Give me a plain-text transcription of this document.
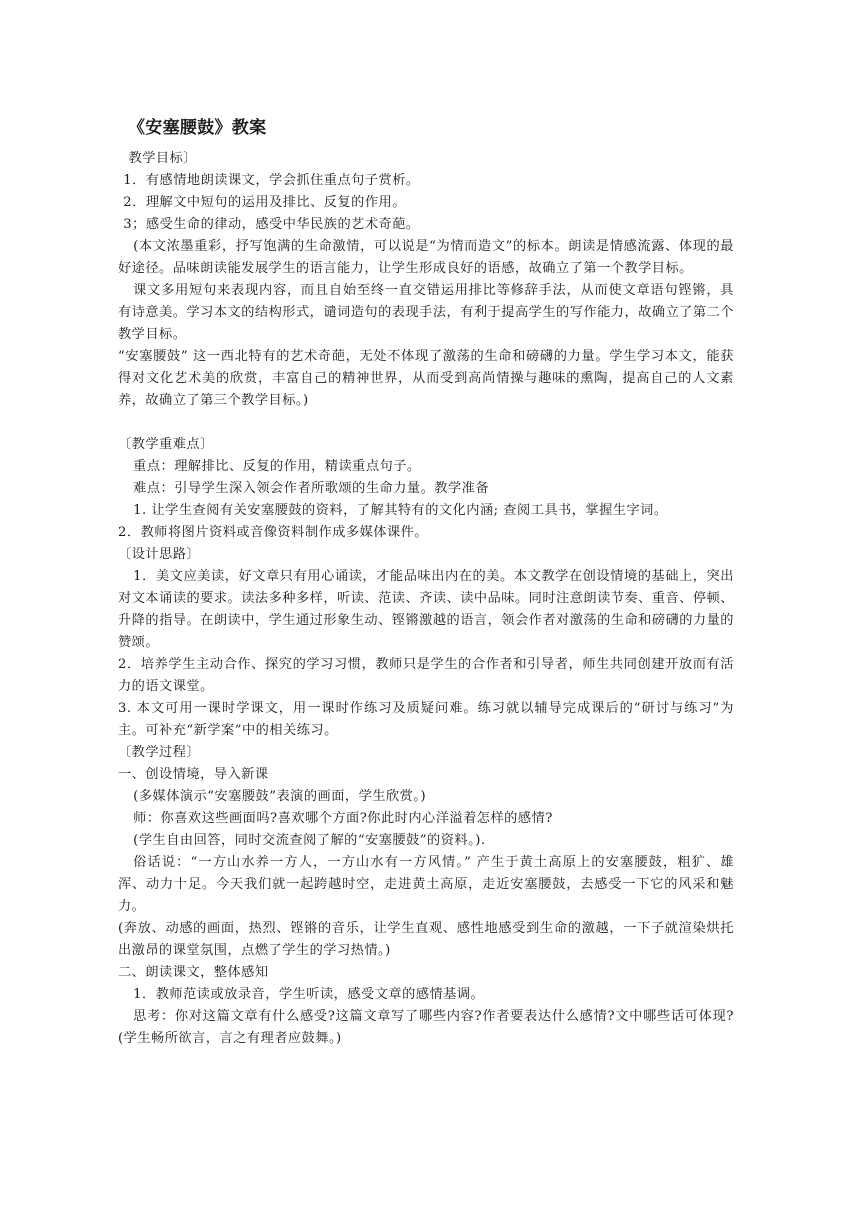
《安塞腰鼓》教案

教学目标〕

1．有感情地朗读课文，学会抓住重点句子赏析。

2．理解文中短句的运用及排比、反复的作用。

3；感受生命的律动，感受中华民族的艺术奇葩。

(本文浓墨重彩，抒写饱满的生命激情，可以说是“为情而造文”的标本。朗读是情感流露、体现的最好途径。品味朗读能发展学生的语言能力，让学生形成良好的语感，故确立了第一个教学目标。

课文多用短句来表现内容，而且自始至终一直交错运用排比等修辞手法，从而使文章语句铿锵，具有诗意美。学习本文的结构形式，谴词造句的表现手法，有利于提高学生的写作能力，故确立了第二个教学目标。

“安塞腰鼓” 这一西北特有的艺术奇葩，无处不体现了激荡的生命和磅礴的力量。学生学习本文，能获得对文化艺术美的欣赏，丰富自己的精神世界，从而受到高尚情操与趣味的熏陶，提高自己的人文素养，故确立了第三个教学目标。)

〔教学重难点〕

重点：理解排比、反复的作用，精读重点句子。

难点：引导学生深入领会作者所歌颂的生命力量。教学准备

1. 让学生查阅有关安塞腰鼓的资料，了解其特有的文化内涵; 查阅工具书，掌握生字词。

2．教师将图片资料或音像资料制作成多媒体课件。

〔设计思路〕

1．美文应美读，好文章只有用心诵读，才能品味出内在的美。本文教学在创设情境的基础上，突出对文本诵读的要求。读法多种多样，听读、范读、齐读、读中品味。同时注意朗读节奏、重音、停顿、升降的指导。在朗读中，学生通过形象生动、铿锵激越的语言，领会作者对激荡的生命和磅礴的力量的赞颂。

2．培养学生主动合作、探究的学习习惯，教师只是学生的合作者和引导者，师生共同创建开放而有活力的语文课堂。

3. 本文可用一课时学课文，用一课时作练习及质疑问难。练习就以辅导完成课后的“研讨与练习”为主。可补充“新学案”中的相关练习。

〔教学过程〕

一、创设情境，导入新课

(多媒体演示“安塞腰鼓”表演的画面，学生欣赏。)

师：你喜欢这些画面吗?喜欢哪个方面?你此时内心洋溢着怎样的感情?

(学生自由回答，同时交流查阅了解的“安塞腰鼓”的资料。).

俗话说：“一方山水养一方人，一方山水有一方风情。” 产生于黄土高原上的安塞腰鼓，粗犷、雄浑、动力十足。今天我们就一起跨越时空，走进黄土高原，走近安塞腰鼓，去感受一下它的风采和魅力。

(奔放、动感的画面，热烈、铿锵的音乐，让学生直观、感性地感受到生命的激越，一下子就渲染烘托出激昂的课堂氛围，点燃了学生的学习热情。)

二、朗读课文，整体感知

1．教师范读或放录音，学生听读，感受文章的感情基调。

思考：你对这篇文章有什么感受?这篇文章写了哪些内容?作者要表达什么感情?文中哪些话可体现?(学生畅所欲言，言之有理者应鼓舞。)
